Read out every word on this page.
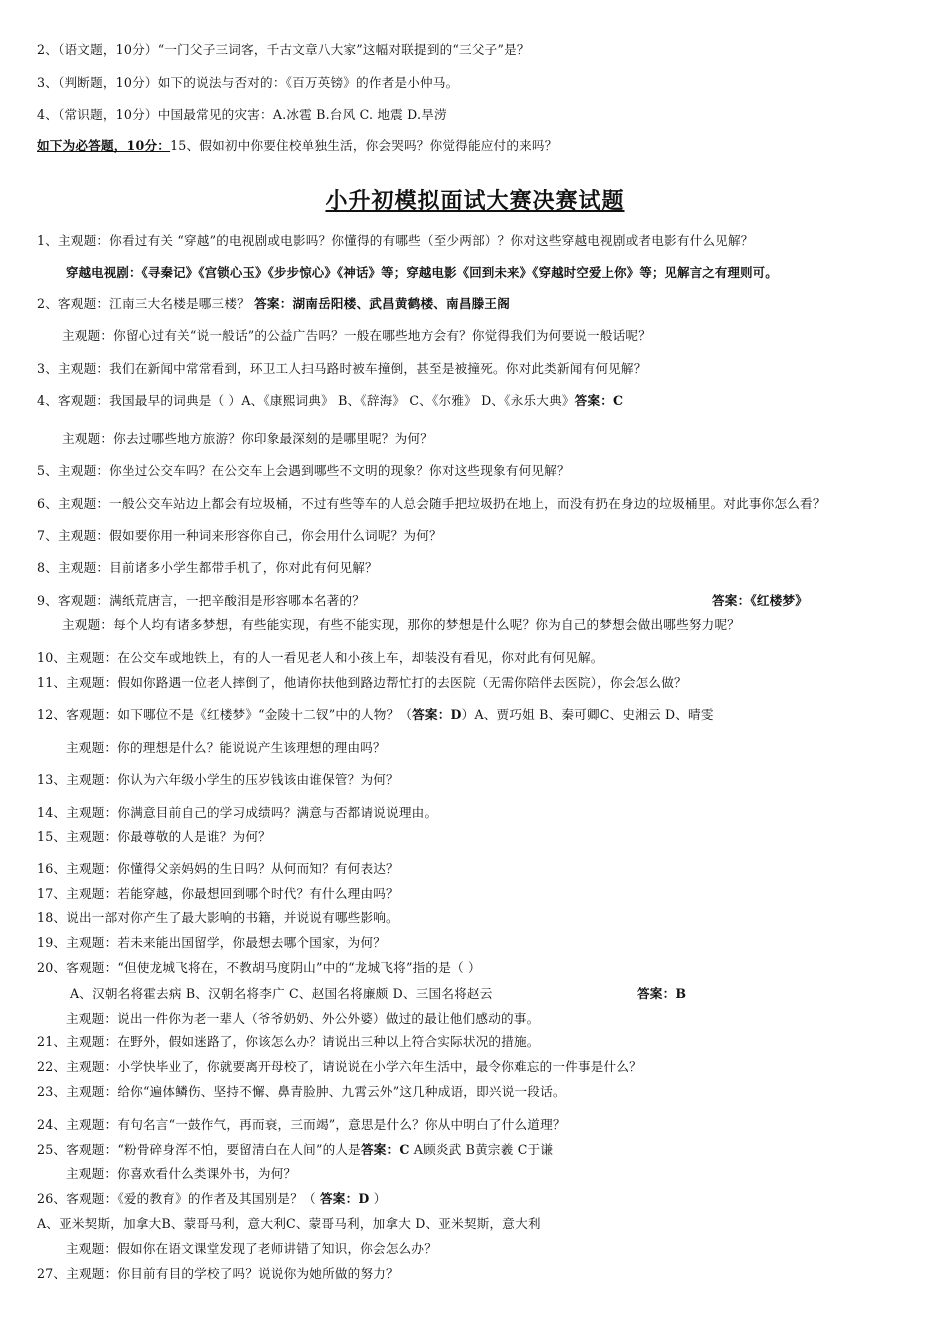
2、（语文题，10分）“一门父子三词客，千古文章八大家”这幅对联提到的“三父子”是？
3、（判断题，10分）如下的说法与否对的：《百万英镑》的作者是小仲马。
4、（常识题，10分）中国最常见的灾害：A.冰雹 B.台风 C. 地震 D.旱涝
如下为必答题，10分：15、假如初中你要住校单独生活，你会哭吗？你觉得能应付的来吗？
小升初模拟面试大赛决赛试题
1、主观题：你看过有关 “穿越”的电视剧或电影吗？你懂得的有哪些（至少两部）？你对这些穿越电视剧或者电影有什么见解？
穿越电视剧：《寻秦记》《宫锁心玉》《步步惊心》《神话》等；穿越电影《回到未来》《穿越时空爱上你》等；见解言之有理则可。
2、客观题：江南三大名楼是哪三楼？ 答案：湖南岳阳楼、武昌黄鹤楼、南昌滕王阁
主观题：你留心过有关“说一般话”的公益广告吗？一般在哪些地方会有？你觉得我们为何要说一般话呢？
3、主观题：我们在新闻中常常看到，环卫工人扫马路时被车撞倒，甚至是被撞死。你对此类新闻有何见解？
4、客观题：我国最早的词典是（ ）A、《康熙词典》 B、《辞海》 C、《尔雅》 D、《永乐大典》答案：C
主观题：你去过哪些地方旅游？你印象最深刻的是哪里呢？为何？
5、主观题：你坐过公交车吗？在公交车上会遇到哪些不文明的现象？你对这些现象有何见解？
6、主观题：一般公交车站边上都会有垃圾桶，不过有些等车的人总会随手把垃圾扔在地上，而没有扔在身边的垃圾桶里。对此事你怎么看？
7、主观题：假如要你用一种词来形容你自己，你会用什么词呢？为何？
8、主观题：目前诸多小学生都带手机了，你对此有何见解？
9、客观题：满纸荒唐言，一把辛酸泪是形容哪本名著的？	答案：《红楼梦》
主观题：每个人均有诸多梦想，有些能实现，有些不能实现，那你的梦想是什么呢？你为自己的梦想会做出哪些努力呢？
10、主观题：在公交车或地铁上，有的人一看见老人和小孩上车，却装没有看见，你对此有何见解。
11、主观题：假如你路遇一位老人摔倒了，他请你扶他到路边帮忙打的去医院（无需你陪伴去医院），你会怎么做？
12、客观题：如下哪位不是《红楼梦》“金陵十二钗”中的人物？（答案：D）A、贾巧姐 B、秦可卿C、史湘云 D、晴雯
主观题：你的理想是什么？能说说产生该理想的理由吗？
13、主观题：你认为六年级小学生的压岁钱该由谁保管？为何？
14、主观题：你满意目前自己的学习成绩吗？满意与否都请说说理由。
15、主观题：你最尊敬的人是谁？为何？
16、主观题：你懂得父亲妈妈的生日吗？从何而知？有何表达？
17、主观题：若能穿越，你最想回到哪个时代？有什么理由吗？
18、说出一部对你产生了最大影响的书籍，并说说有哪些影响。
19、主观题：若未来能出国留学，你最想去哪个国家，为何？
20、客观题：“但使龙城飞将在，不教胡马度阴山”中的“龙城飞将”指的是（ ）
A、汉朝名将霍去病 B、汉朝名将李广 C、赵国名将廉颇 D、三国名将赵云	答案：B
主观题：说出一件你为老一辈人（爷爷奶奶、外公外婆）做过的最让他们感动的事。
21、主观题：在野外，假如迷路了，你该怎么办？请说出三种以上符合实际状况的措施。
22、主观题：小学快毕业了，你就要离开母校了，请说说在小学六年生活中，最令你难忘的一件事是什么？
23、主观题：给你“遍体鳞伤、坚持不懈、鼻青脸肿、九霄云外”这几种成语，即兴说一段话。
24、主观题：有句名言“一鼓作气，再而衰，三而竭”，意思是什么？你从中明白了什么道理？
25、客观题：“粉骨碎身浑不怕，要留清白在人间”的人是答案：C A顾炎武 B黄宗羲 C于谦
主观题：你喜欢看什么类课外书，为何？
26、客观题：《爱的教育》的作者及其国别是？（ 答案：D ）
A、亚米契斯，加拿大B、蒙哥马利，意大利C、蒙哥马利，加拿大 D、亚米契斯，意大利
主观题：假如你在语文课堂发现了老师讲错了知识，你会怎么办？
27、主观题：你目前有目的学校了吗？说说你为她所做的努力？
